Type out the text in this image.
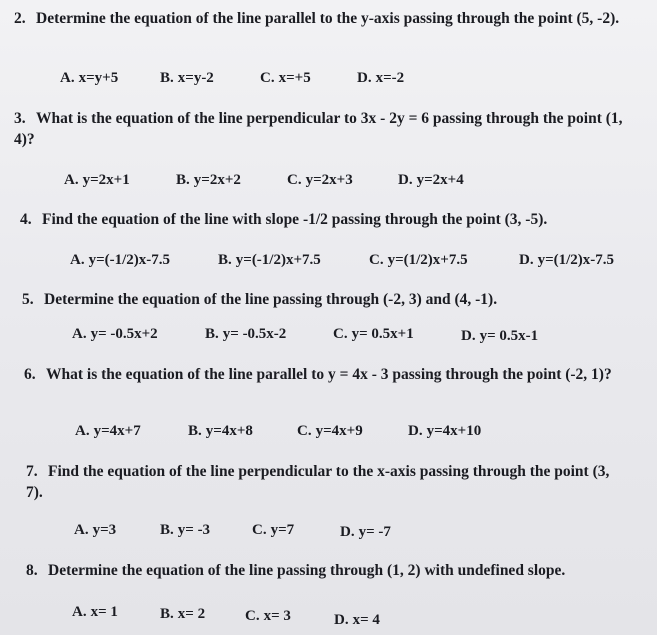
2. Determine the equation of the line parallel to the y-axis passing through the point (5, -2).
A. x=y+5	B. x=y-2	C. x=+5	D. x=-2
3. What is the equation of the line perpendicular to 3x - 2y = 6 passing through the point (1, 4)?
A. y=2x+1	B. y=2x+2	C. y=2x+3	D. y=2x+4
4. Find the equation of the line with slope -1/2 passing through the point (3, -5).
A. y=(-1/2)x-7.5	B. y=(-1/2)x+7.5	C. y=(1/2)x+7.5	D. y=(1/2)x-7.5
5. Determine the equation of the line passing through (-2, 3) and (4, -1).
A. y= -0.5x+2	B. y= -0.5x-2	C. y= 0.5x+1	D. y= 0.5x-1
6. What is the equation of the line parallel to y = 4x - 3 passing through the point (-2, 1)?
A. y=4x+7	B. y=4x+8	C. y=4x+9	D. y=4x+10
7. Find the equation of the line perpendicular to the x-axis passing through the point (3, 7).
A. y=3	B. y= -3	C. y=7	D. y= -7
8. Determine the equation of the line passing through (1, 2) with undefined slope.
A. x= 1	B. x= 2	C. x= 3	D. x= 4
